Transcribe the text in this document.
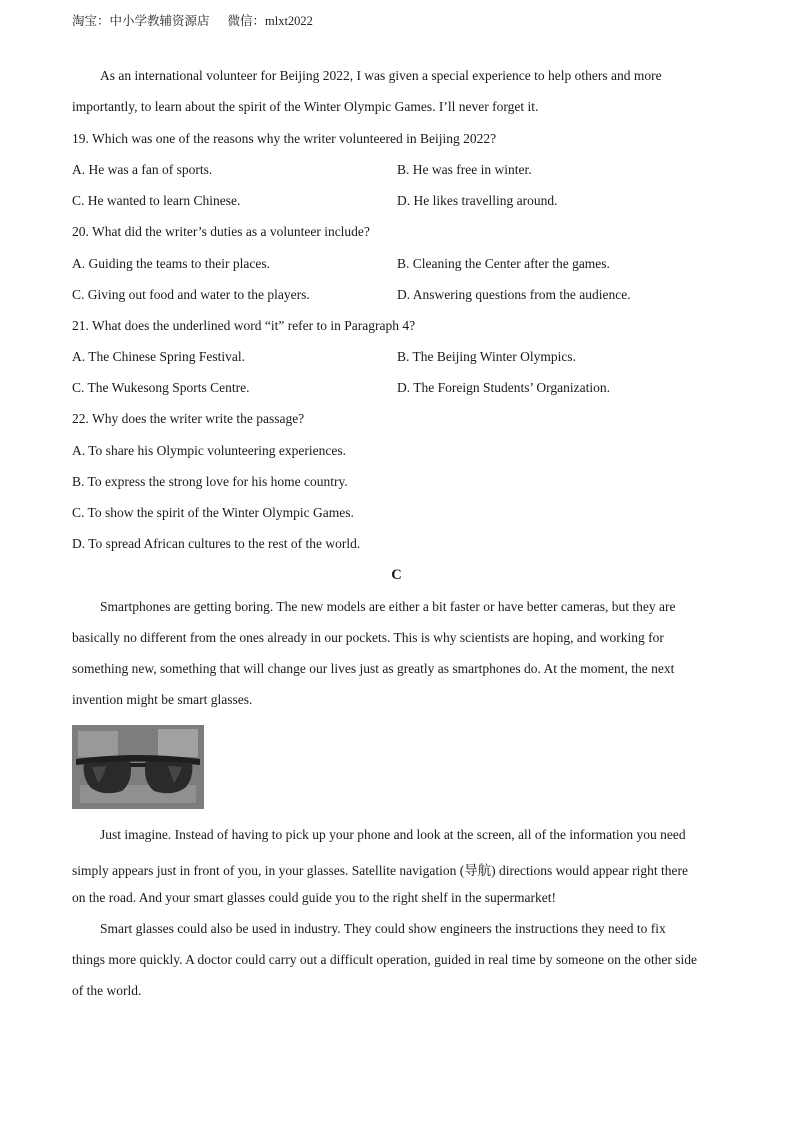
淘宝：中小学教辅资源店 微信：mlxt2022
As an international volunteer for Beijing 2022, I was given a special experience to help others and more
importantly, to learn about the spirit of the Winter Olympic Games. I’ll never forget it.
19. Which was one of the reasons why the writer volunteered in Beijing 2022?
A. He was a fan of sports.	B. He was free in winter.
C. He wanted to learn Chinese.	D. He likes travelling around.
20. What did the writer’s duties as a volunteer include?
A. Guiding the teams to their places.	B. Cleaning the Center after the games.
C. Giving out food and water to the players.	D. Answering questions from the audience.
21. What does the underlined word “it” refer to in Paragraph 4?
A. The Chinese Spring Festival.	B. The Beijing Winter Olympics.
C. The Wukesong Sports Centre.	D. The Foreign Students’ Organization.
22. Why does the writer write the passage?
A. To share his Olympic volunteering experiences.
B. To express the strong love for his home country.
C. To show the spirit of the Winter Olympic Games.
D. To spread African cultures to the rest of the world.
C
Smartphones are getting boring. The new models are either a bit faster or have better cameras, but they are
basically no different from the ones already in our pockets. This is why scientists are hoping, and working for
something new, something that will change our lives just as greatly as smartphones do. At the moment, the next
invention might be smart glasses.
Just imagine. Instead of having to pick up your phone and look at the screen, all of the information you need
simply appears just in front of you, in your glasses. Satellite navigation (导航) directions would appear right there
on the road. And your smart glasses could guide you to the right shelf in the supermarket!
Smart glasses could also be used in industry. They could show engineers the instructions they need to fix
things more quickly. A doctor could carry out a difficult operation, guided in real time by someone on the other side
of the world.
